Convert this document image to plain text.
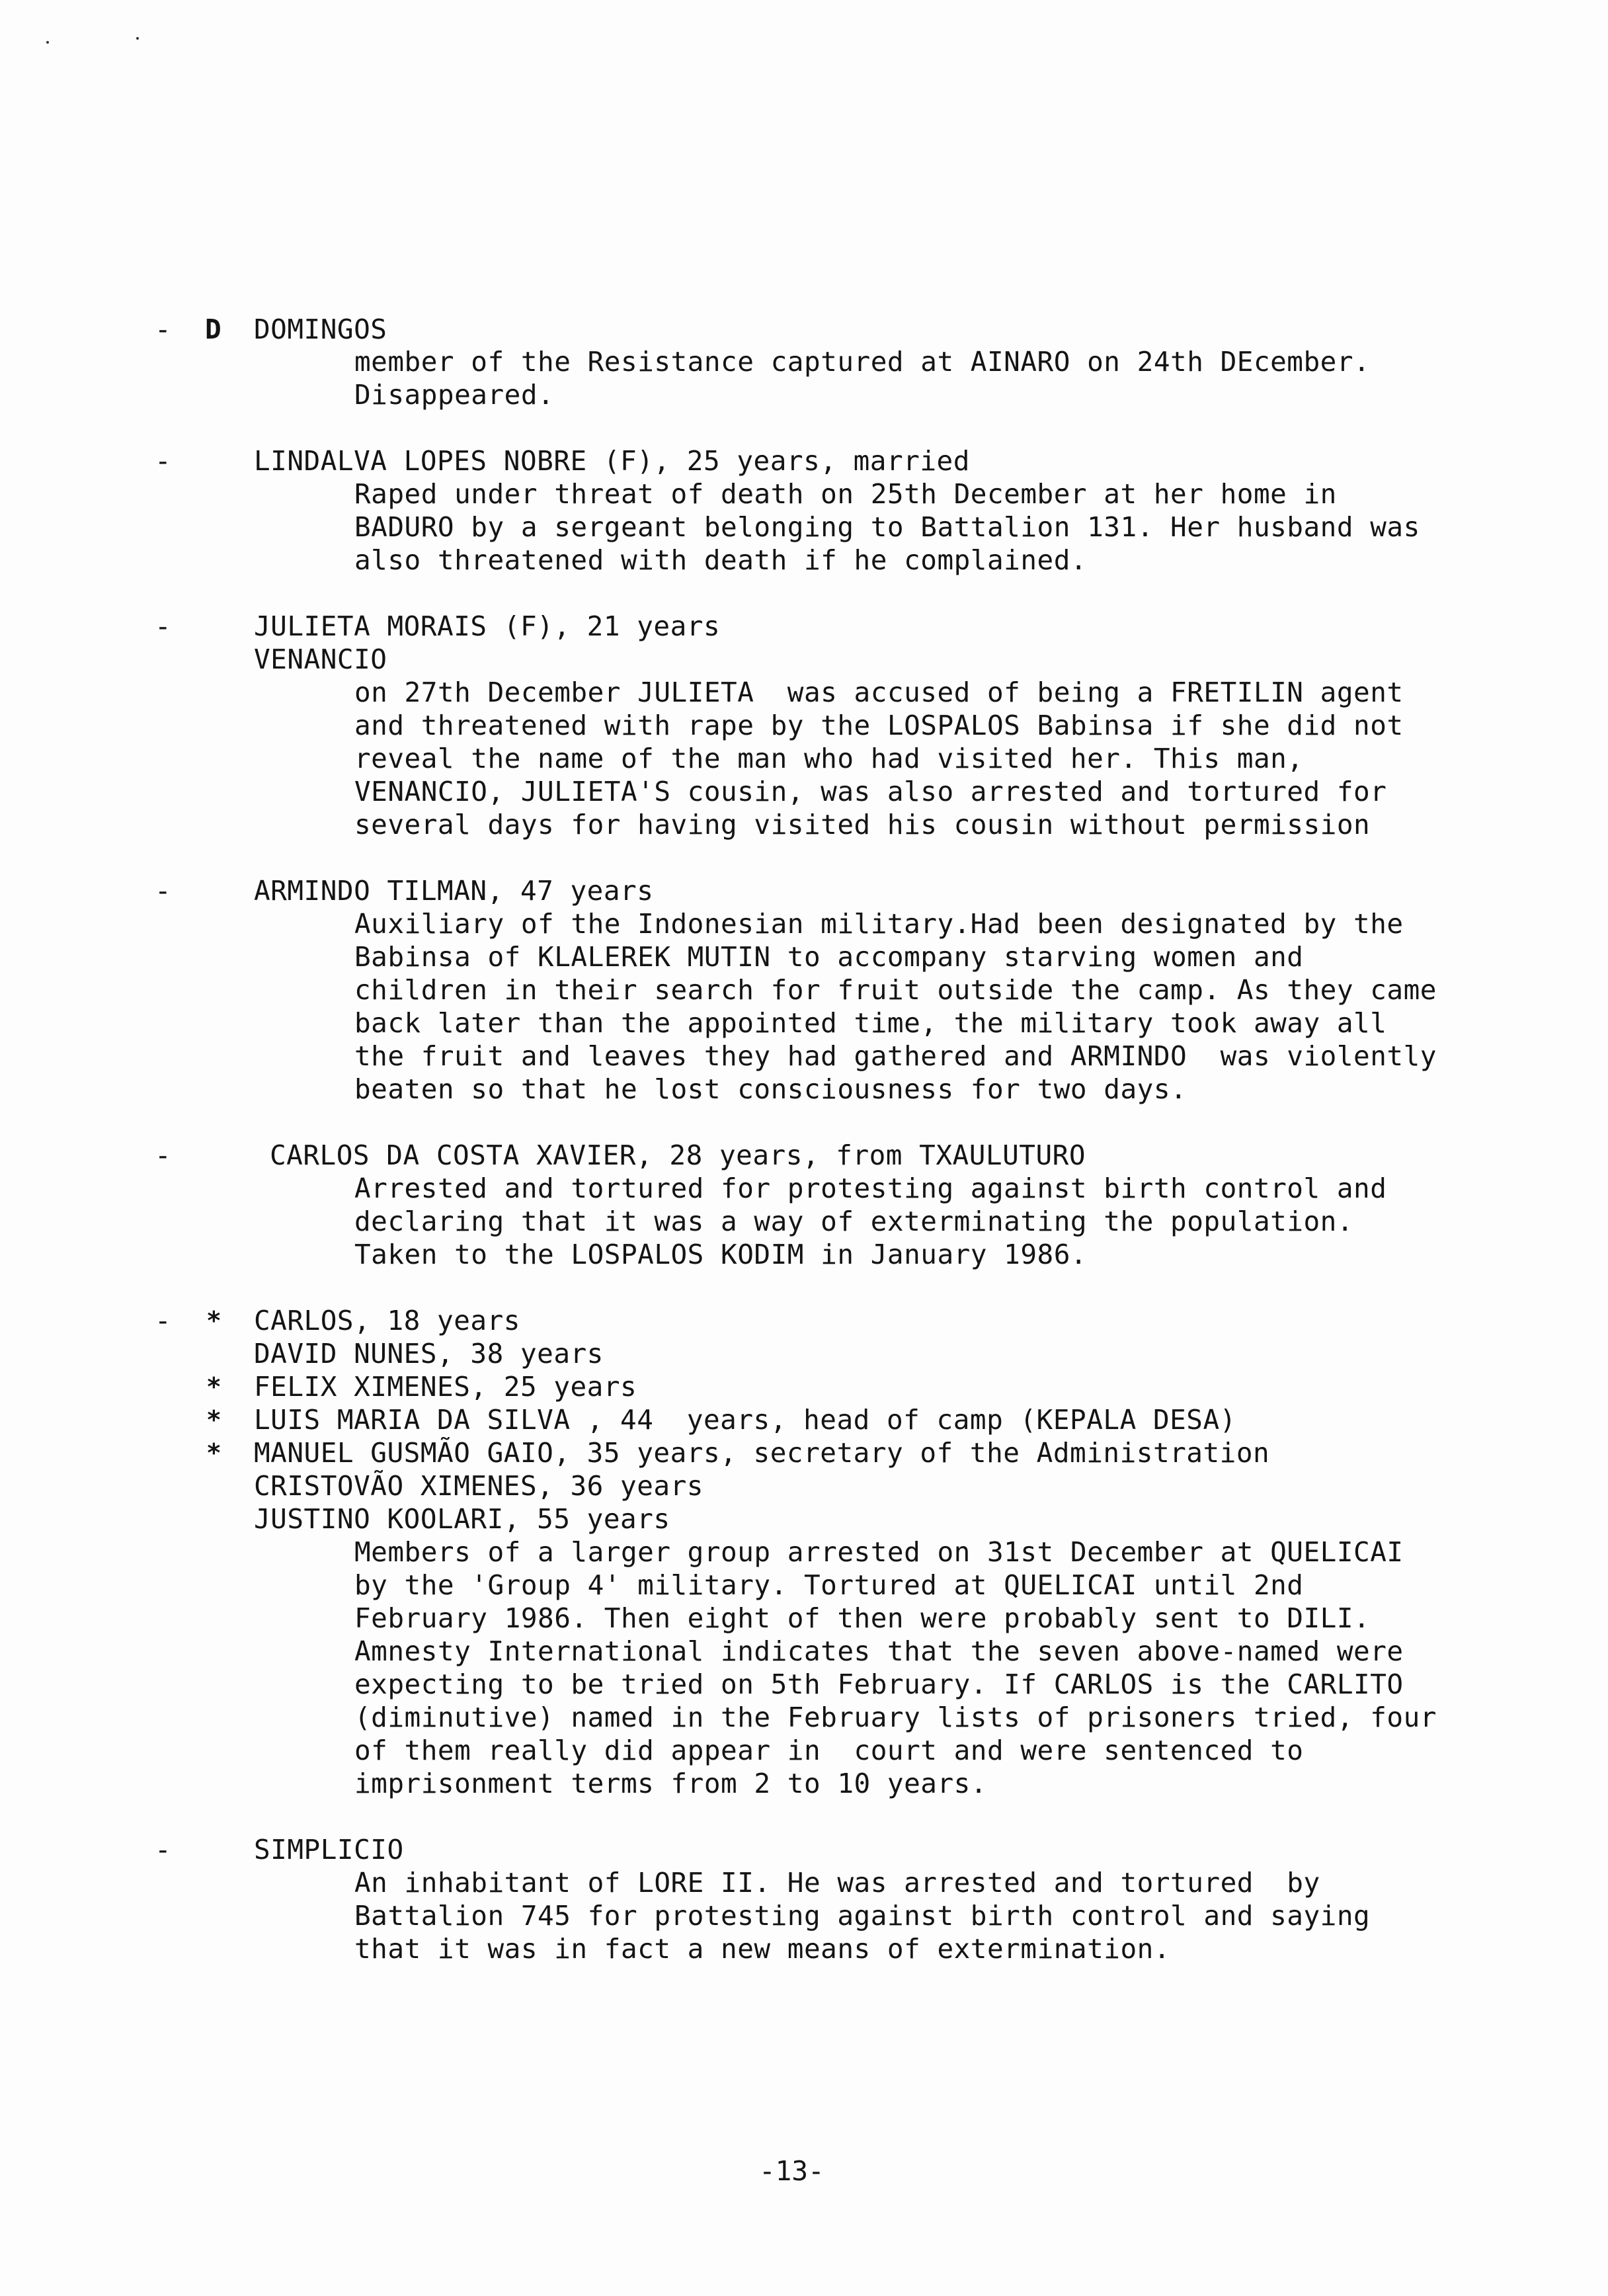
- D DOMINGOS
member of the Resistance captured at AINARO on 24th DEcember.
Disappeared.
-	LINDALVA LOPES NOBRE (F), 25 years, married
Raped under threat of death on 25th December at her home in
BADURO by a sergeant belonging to Battalion 131. Her husband was
also threatened with death if he complained.
-	JULIETA MORAIS (F), 21 years
VENANCIO
on 27th December JULIETA  was accused of being a FRETILIN agent
and threatened with rape by the LOSPALOS Babinsa if she did not
reveal the name of the man who had visited her. This man,
VENANCIO, JULIETA'S cousin, was also arrested and tortured for
several days for having visited his cousin without permission
-	ARMINDO TILMAN, 47 years
Auxiliary of the Indonesian military.Had been designated by the
Babinsa of KLALEREK MUTIN to accompany starving women and
children in their search for fruit outside the camp. As they came
back later than the appointed time, the military took away all
the fruit and leaves they had gathered and ARMINDO  was violently
beaten so that he lost consciousness for two days.
-	CARLOS DA COSTA XAVIER, 28 years, from TXAULUTURO
Arrested and tortured for protesting against birth control and
declaring that it was a way of exterminating the population.
Taken to the LOSPALOS KODIM in January 1986.
- * CARLOS, 18 years
DAVID NUNES, 38 years
* FELIX XIMENES, 25 years
* LUIS MARIA DA SILVA , 44  years, head of camp (KEPALA DESA)
* MANUEL GUSMÃO GAIO, 35 years, secretary of the Administration
CRISTOVÃO XIMENES, 36 years
JUSTINO KOOLARI, 55 years
Members of a larger group arrested on 31st December at QUELICAI
by the 'Group 4' military. Tortured at QUELICAI until 2nd
February 1986. Then eight of then were probably sent to DILI.
Amnesty International indicates that the seven above-named were
expecting to be tried on 5th February. If CARLOS is the CARLITO
(diminutive) named in the February lists of prisoners tried, four
of them really did appear in  court and were sentenced to
imprisonment terms from 2 to 10 years.
-	SIMPLICIO
An inhabitant of LORE II. He was arrested and tortured  by
Battalion 745 for protesting against birth control and saying
that it was in fact a new means of extermination.
-13-
